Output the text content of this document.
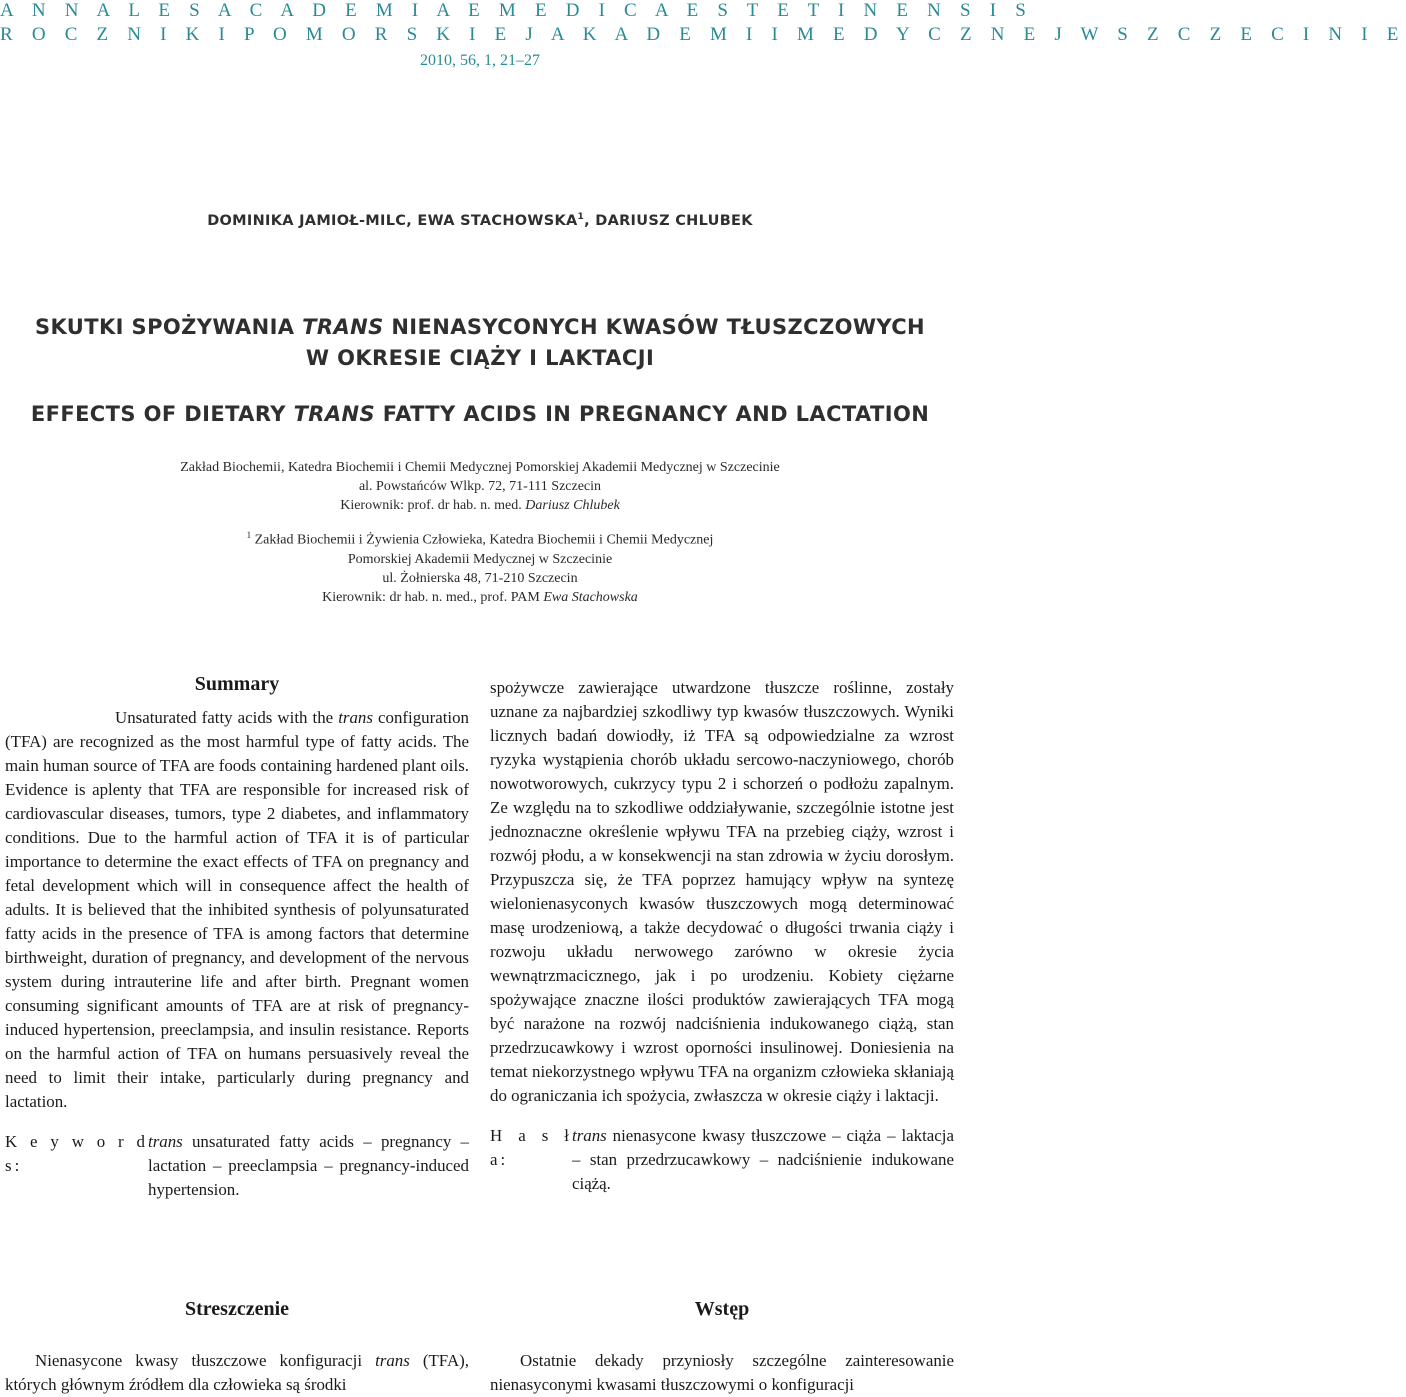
A N N A L E S A C A D E M I A E M E D I C A E S T E T I N E N S I S
R O C Z N I K I P O M O R S K I E J A K A D E M I I M E D Y C Z N E J W S Z C Z E C I N I E
2010, 56, 1, 21–27
DOMINIKA JAMIOŁ-MILC, EWA STACHOWSKA$^1$, DARIUSZ CHLUBEK
SKUTKI SPOŻYWANIA TRANS NIENASYCONYCH KWASÓW TŁUSZCZOWYCH
W OKRESIE CIĄŻY I LAKTACJI
EFFECTS OF DIETARY TRANS FATTY ACIDS IN PREGNANCY AND LACTATION
Zakład Biochemii, Katedra Biochemii i Chemii Medycznej Pomorskiej Akademii Medycznej w Szczecinie
al. Powstańców Wlkp. 72, 71-111 Szczecin
Kierownik: prof. dr hab. n. med. Dariusz Chlubek
$^1$ Zakład Biochemii i Żywienia Człowieka, Katedra Biochemii i Chemii Medycznej
Pomorskiej Akademii Medycznej w Szczecinie
ul. Żołnierska 48, 71-210 Szczecin
Kierownik: dr hab. n. med., prof. PAM Ewa Stachowska
Summary
Unsaturated fatty acids with the trans configuration (TFA) are recognized as the most harmful type of fatty acids. The main human source of TFA are foods containing hardened plant oils. Evidence is aplenty that TFA are responsible for increased risk of cardiovascular diseases, tumors, type 2 diabetes, and inflammatory conditions. Due to the harmful action of TFA it is of particular importance to determine the exact effects of TFA on pregnancy and fetal development which will in consequence affect the health of adults. It is believed that the inhibited synthesis of polyunsaturated fatty acids in the presence of TFA is among factors that determine birthweight, duration of pregnancy, and development of the nervous system during intrauterine life and after birth. Pregnant women consuming significant amounts of TFA are at risk of pregnancy-induced hypertension, preeclampsia, and insulin resistance. Reports on the harmful action of TFA on humans persuasively reveal the need to limit their intake, particularly during pregnancy and lactation.
K e y w o r d s:
trans unsaturated fatty acids – pregnancy – lactation – preeclampsia – pregnancy-induced hypertension.
spożywcze zawierające utwardzone tłuszcze roślinne, zostały uznane za najbardziej szkodliwy typ kwasów tłuszczowych. Wyniki licznych badań dowiodły, iż TFA są odpowiedzialne za wzrost ryzyka wystąpienia chorób układu sercowo-naczyniowego, chorób nowotworowych, cukrzycy typu 2 i schorzeń o podłożu zapalnym. Ze względu na to szkodliwe oddziaływanie, szczególnie istotne jest jednoznaczne określenie wpływu TFA na przebieg ciąży, wzrost i rozwój płodu, a w konsekwencji na stan zdrowia w życiu dorosłym. Przypuszcza się, że TFA poprzez hamujący wpływ na syntezę wielonienasyconych kwasów tłuszczowych mogą determinować masę urodzeniową, a także decydować o długości trwania ciąży i rozwoju układu nerwowego zarówno w okresie życia wewnątrzmacicznego, jak i po urodzeniu. Kobiety ciężarne spożywające znaczne ilości produktów zawierających TFA mogą być narażone na rozwój nadciśnienia indukowanego ciążą, stan przedrzucawkowy i wzrost oporności insulinowej. Doniesienia na temat niekorzystnego wpływu TFA na organizm człowieka skłaniają do ograniczania ich spożycia, zwłaszcza w okresie ciąży i laktacji.
H a s ł a:
trans nienasycone kwasy tłuszczowe – ciąża – laktacja – stan przedrzucawkowy – nadciśnienie indukowane ciążą.
Streszczenie	Wstęp
Nienasycone kwasy tłuszczowe konfiguracji trans (TFA), których głównym źródłem dla człowieka są środki
Ostatnie dekady przyniosły szczególne zainteresowanie nienasyconymi kwasami tłuszczowymi o konfiguracji
